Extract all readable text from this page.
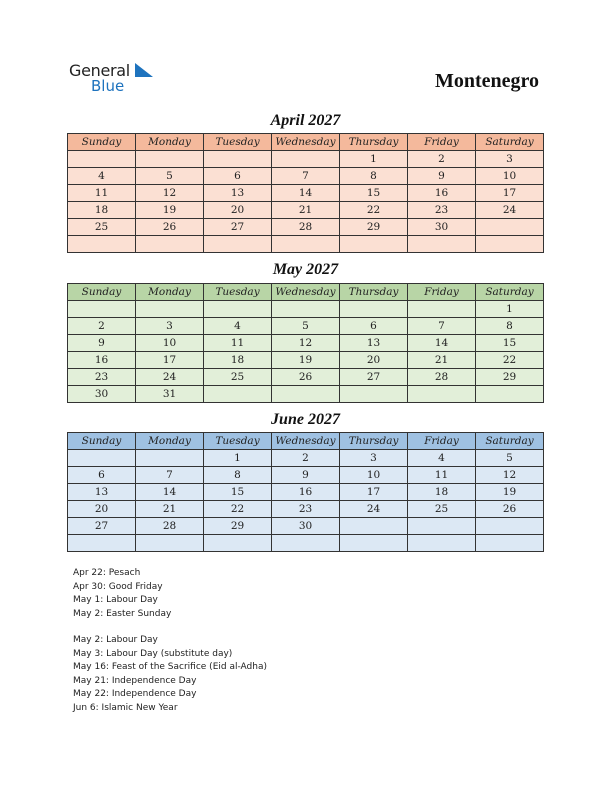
General
Blue	Montenegro
April 2027
Sunday	Monday	Tuesday	Wednesday	Thursday	Friday	Saturday
				1	2	3
4	5	6	7	8	9	10
11	12	13	14	15	16	17
18	19	20	21	22	23	24
25	26	27	28	29	30	

May 2027
Sunday	Monday	Tuesday	Wednesday	Thursday	Friday	Saturday
						1
2	3	4	5	6	7	8
9	10	11	12	13	14	15
16	17	18	19	20	21	22
23	24	25	26	27	28	29
30	31					
June 2027
Sunday	Monday	Tuesday	Wednesday	Thursday	Friday	Saturday
		1	2	3	4	5
6	7	8	9	10	11	12
13	14	15	16	17	18	19
20	21	22	23	24	25	26
27	28	29	30			

Apr 22: Pesach
Apr 30: Good Friday
May 1: Labour Day
May 2: Easter Sunday
May 2: Labour Day
May 3: Labour Day (substitute day)
May 16: Feast of the Sacrifice (Eid al-Adha)
May 21: Independence Day
May 22: Independence Day
Jun 6: Islamic New Year
